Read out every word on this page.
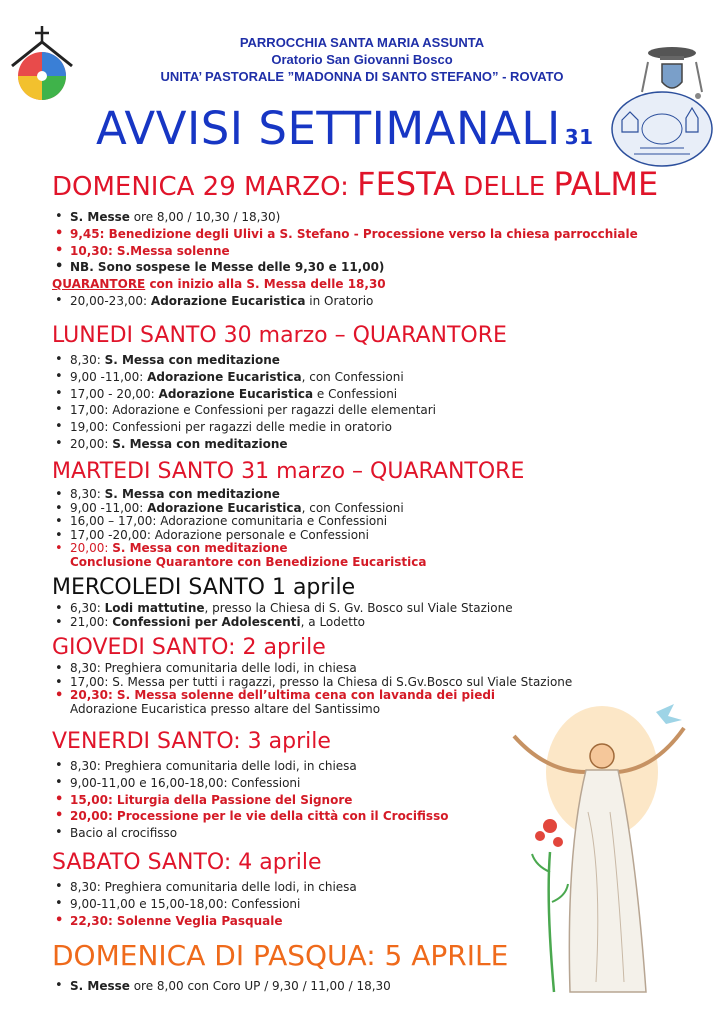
PARROCCHIA SANTA MARIA ASSUNTA
Oratorio San Giovanni Bosco
UNITA’ PASTORALE ”MADONNA DI SANTO STEFANO” - ROVATO
AVVISI SETTIMANALI 31
DOMENICA 29 MARZO: FESTA DELLE PALME
• S. Messe ore 8,00 / 10,30 / 18,30)
• 9,45: Benedizione degli Ulivi a S. Stefano - Processione verso la chiesa parrocchiale
• 10,30: S.Messa solenne
• NB. Sono sospese le Messe delle 9,30 e 11,00)
QUARANTORE con inizio alla S. Messa delle 18,30
• 20,00-23,00: Adorazione Eucaristica in Oratorio
LUNEDI SANTO 30 marzo – QUARANTORE
• 8,30: S. Messa con meditazione
• 9,00 -11,00: Adorazione Eucaristica, con Confessioni
• 17,00 - 20,00: Adorazione Eucaristica e Confessioni
• 17,00: Adorazione e Confessioni per ragazzi delle elementari
• 19,00: Confessioni per ragazzi delle medie in oratorio
• 20,00: S. Messa con meditazione
MARTEDI SANTO 31 marzo – QUARANTORE
• 8,30: S. Messa con meditazione
• 9,00 -11,00: Adorazione Eucaristica, con Confessioni
• 16,00 – 17,00: Adorazione comunitaria e Confessioni
• 17,00 -20,00: Adorazione personale e Confessioni
• 20,00: S. Messa con meditazione
Conclusione Quarantore con Benedizione Eucaristica
MERCOLEDI SANTO 1 aprile
• 6,30: Lodi mattutine, presso la Chiesa di S. Gv. Bosco sul Viale Stazione
• 21,00: Confessioni per Adolescenti, a Lodetto
GIOVEDI SANTO: 2 aprile
• 8,30: Preghiera comunitaria delle lodi, in chiesa
• 17,00: S. Messa per tutti i ragazzi, presso la Chiesa di S.Gv.Bosco sul Viale Stazione
• 20,30: S. Messa solenne dell’ultima cena con lavanda dei piedi
Adorazione Eucaristica presso altare del Santissimo
VENERDI SANTO: 3 aprile
• 8,30: Preghiera comunitaria delle lodi, in chiesa
• 9,00-11,00 e 16,00-18,00: Confessioni
• 15,00: Liturgia della Passione del Signore
• 20,00: Processione per le vie della città con il Crocifisso
• Bacio al crocifisso
SABATO SANTO: 4 aprile
• 8,30: Preghiera comunitaria delle lodi, in chiesa
• 9,00-11,00 e 15,00-18,00: Confessioni
• 22,30: Solenne Veglia Pasquale
DOMENICA DI PASQUA: 5 APRILE
• S. Messe ore 8,00 con Coro UP / 9,30 / 11,00 / 18,30
